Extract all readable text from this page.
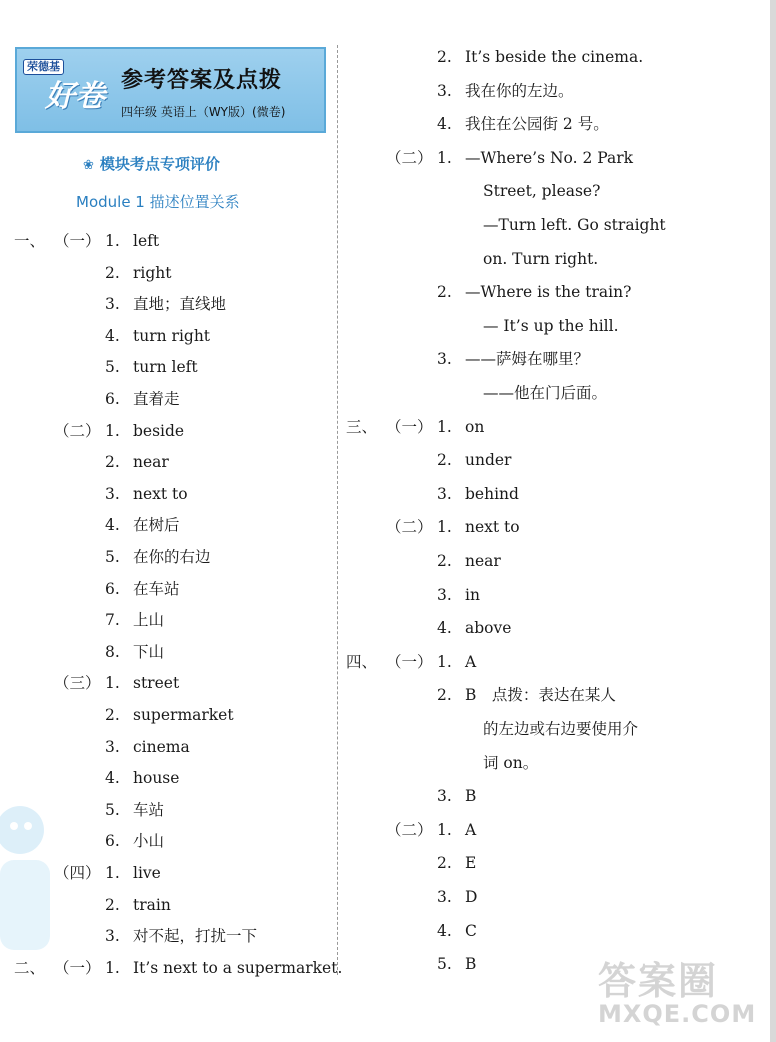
荣德基
好卷 参考答案及点拨
四年级 英语上（WY版）(微卷)
❀ 模块考点专项评价
Module 1 描述位置关系
一、 （一） 1. left
2. right
3. 直地；直线地
4. turn right
5. turn left
6. 直着走
（二） 1. beside
2. near
3. next to
4. 在树后
5. 在你的右边
6. 在车站
7. 上山
8. 下山
（三） 1. street
2. supermarket
3. cinema
4. house
5. 车站
6. 小山
（四） 1. live
2. train
3. 对不起，打扰一下
二、 （一） 1. It’s next to a supermarket.
2. It’s beside the cinema.
3. 我在你的左边。
4. 我住在公园街 2 号。
（二） 1. —Where’s No. 2 Park
Street, please?
—Turn left. Go straight
on. Turn right.
2. —Where is the train?
— It’s up the hill.
3. ——萨姆在哪里？
——他在门后面。
三、 （一） 1. on
2. under
3. behind
（二） 1. next to
2. near
3. in
4. above
四、 （一） 1. A
2. B　点拨：表达在某人
的左边或右边要使用介
词 on。
3. B
（二） 1. A
2. E
3. D
4. C
5. B	答案圈
MXQE.COM
